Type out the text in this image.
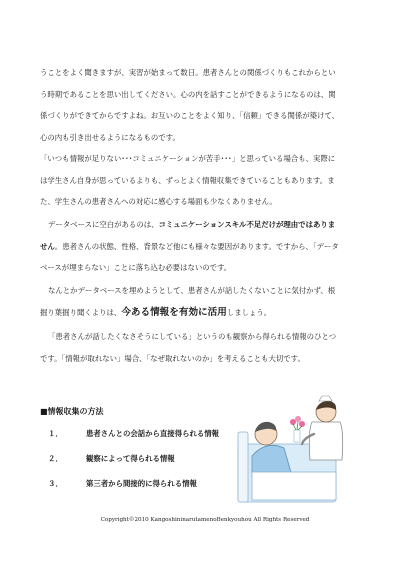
うことをよく聞きますが、実習が始まって数日。患者さんとの関係づくりもこれからとい

う時期であることを思い出してください。心の内を話すことができるようになるのは、関

係づくりができてからですよね。お互いのことをよく知り、「信頼」できる関係が築けて、

心の内も引き出せるようになるものです。

「いつも情報が足りない･･･コミュニケーションが苦手･･･」と思っている場合も、実際に

は学生さん自身が思っているよりも、ずっとよく情報収集できていることもあります。ま

た、学生さんの患者さんへの対応に感心する場面も少なくありません。

データベースに空白があるのは、コミュニケーションスキル不足だけが理由ではありま

せん。患者さんの状態、性格、背景など他にも様々な要因があります。ですから、「データ

ベースが埋まらない」ことに落ち込む必要はないのです。

なんとかデータベースを埋めようとして、患者さんが話したくないことに気付かず、根

掘り葉掘り聞くよりは、今ある情報を有効に活用しましょう。

「患者さんが話したくなさそうにしている」というのも観察から得られる情報のひとつ

です。「情報が取れない」場合、「なぜ取れないのか」を考えることも大切です。

■情報収集の方法
１．	患者さんとの会話から直接得られる情報
２．	観察によって得られる情報
３．	第三者から間接的に得られる情報
Copyright©2010 KangoshininarutamenoBenkyouhou All Rights Reserved
